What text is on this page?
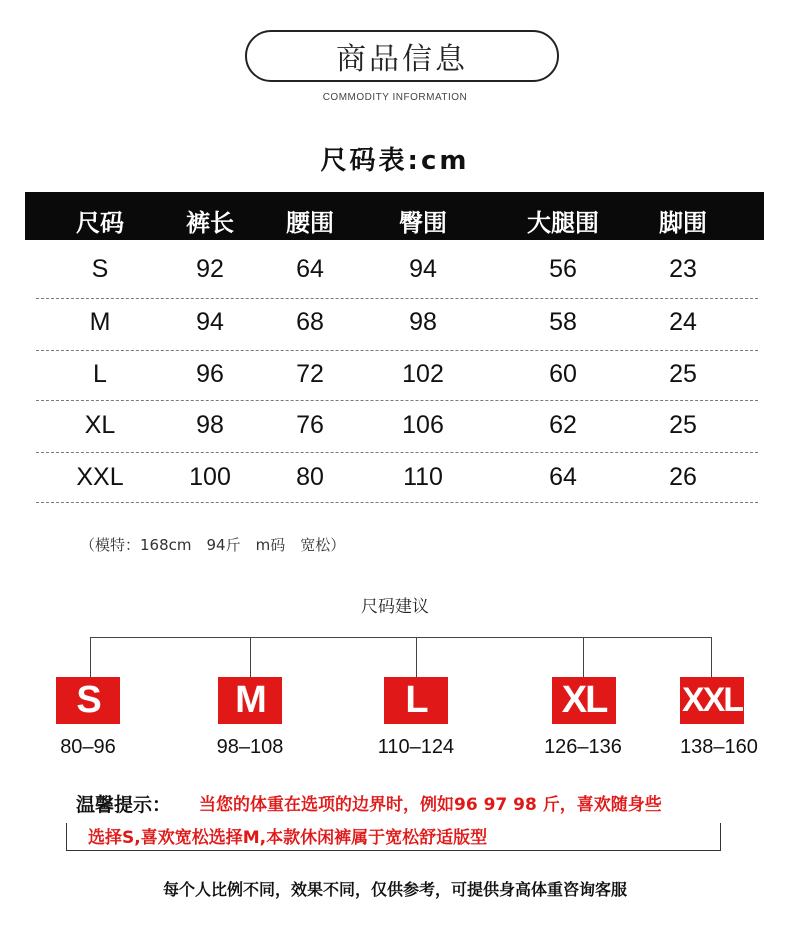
商品信息
COMMODITY INFORMATION
尺码表:cm
尺码	裤长	腰围	臀围	大腿围	脚围
S	92	64	94	56	23
M	94	68	98	58	24
L	96	72	102	60	25
XL	98	76	106	62	25
XXL	100	80	110	64	26
（模特：168cm　94斤　m码　宽松）
尺码建议
S	M	L	XL XXL
80–96	98–108	110–124	126–136	138–160
温馨提示： 当您的体重在选项的边界时，例如96 97 98 斤，喜欢随身些
选择S,喜欢宽松选择M,本款休闲裤属于宽松舒适版型
每个人比例不同，效果不同，仅供参考，可提供身高体重咨询客服
